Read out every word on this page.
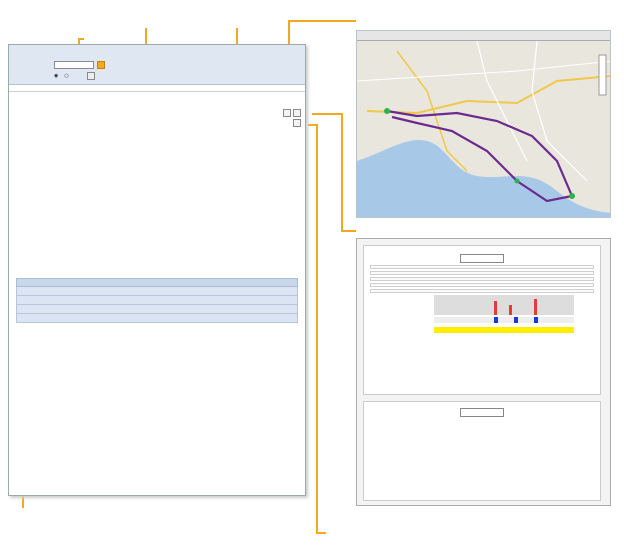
◉ ○
